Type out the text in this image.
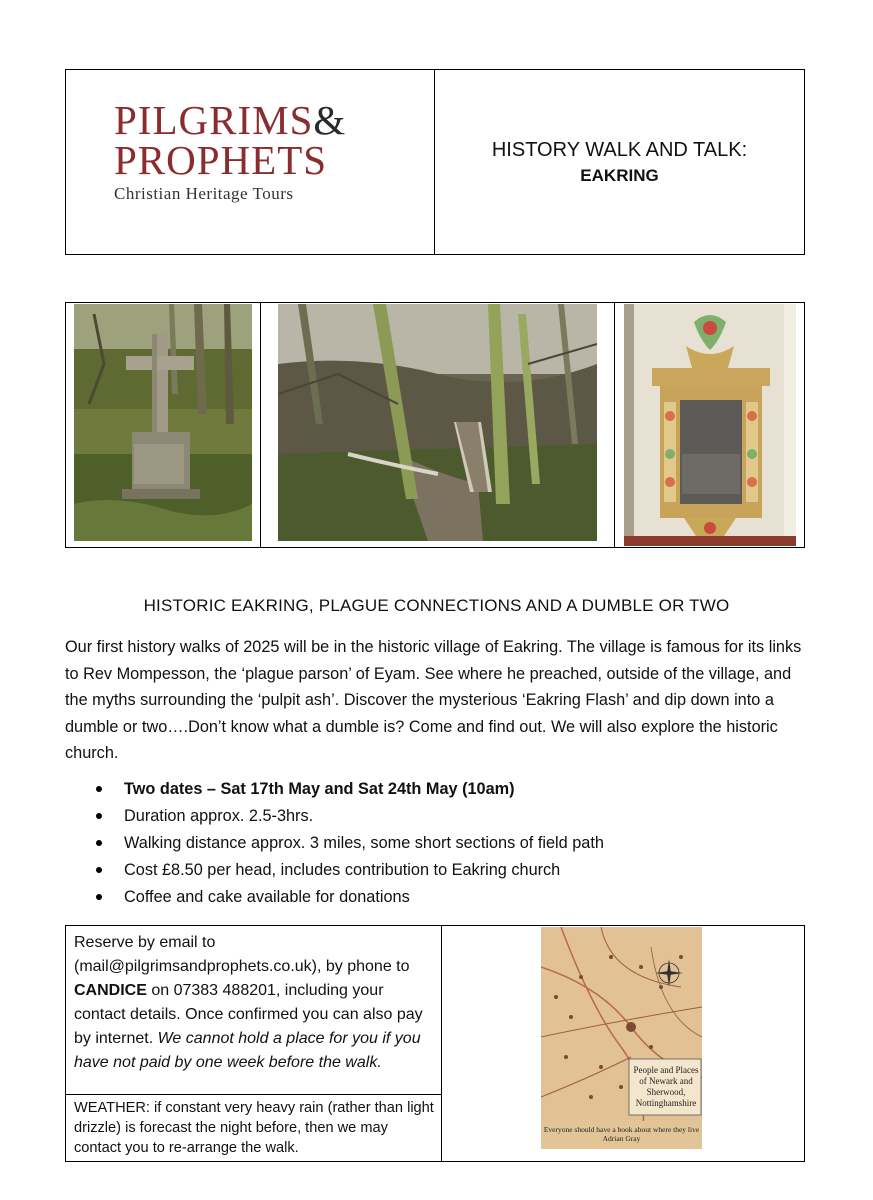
PILGRIMS&
PROPHETS
Christian Heritage Tours
HISTORY WALK AND TALK:
EAKRING
HISTORIC EAKRING, PLAGUE CONNECTIONS AND A DUMBLE OR TWO
Our first history walks of 2025 will be in the historic village of Eakring. The village is famous for its links to Rev Mompesson, the ‘plague parson’ of Eyam. See where he preached, outside of the village, and the myths surrounding the ‘pulpit ash’. Discover the mysterious ‘Eakring Flash’ and dip down into a dumble or two….Don’t know what a dumble is? Come and find out. We will also explore the historic church.
Two dates – Sat 17th May and Sat 24th May (10am)
Duration approx. 2.5-3hrs.
Walking distance approx. 3 miles, some short sections of field path
Cost £8.50 per head, includes contribution to Eakring church
Coffee and cake available for donations
Reserve by email to (mail@pilgrimsandprophets.co.uk), by phone to CANDICE on 07383 488201, including your contact details. Once confirmed you can also pay by internet. We cannot hold a place for you if you have not paid by one week before the walk.
WEATHER: if constant very heavy rain (rather than light drizzle) is forecast the night before, then we may contact you to re-arrange the walk.
People and Places of Newark and Sherwood, Nottinghamshire
Everyone should have a book about where they live
Adrian Gray
